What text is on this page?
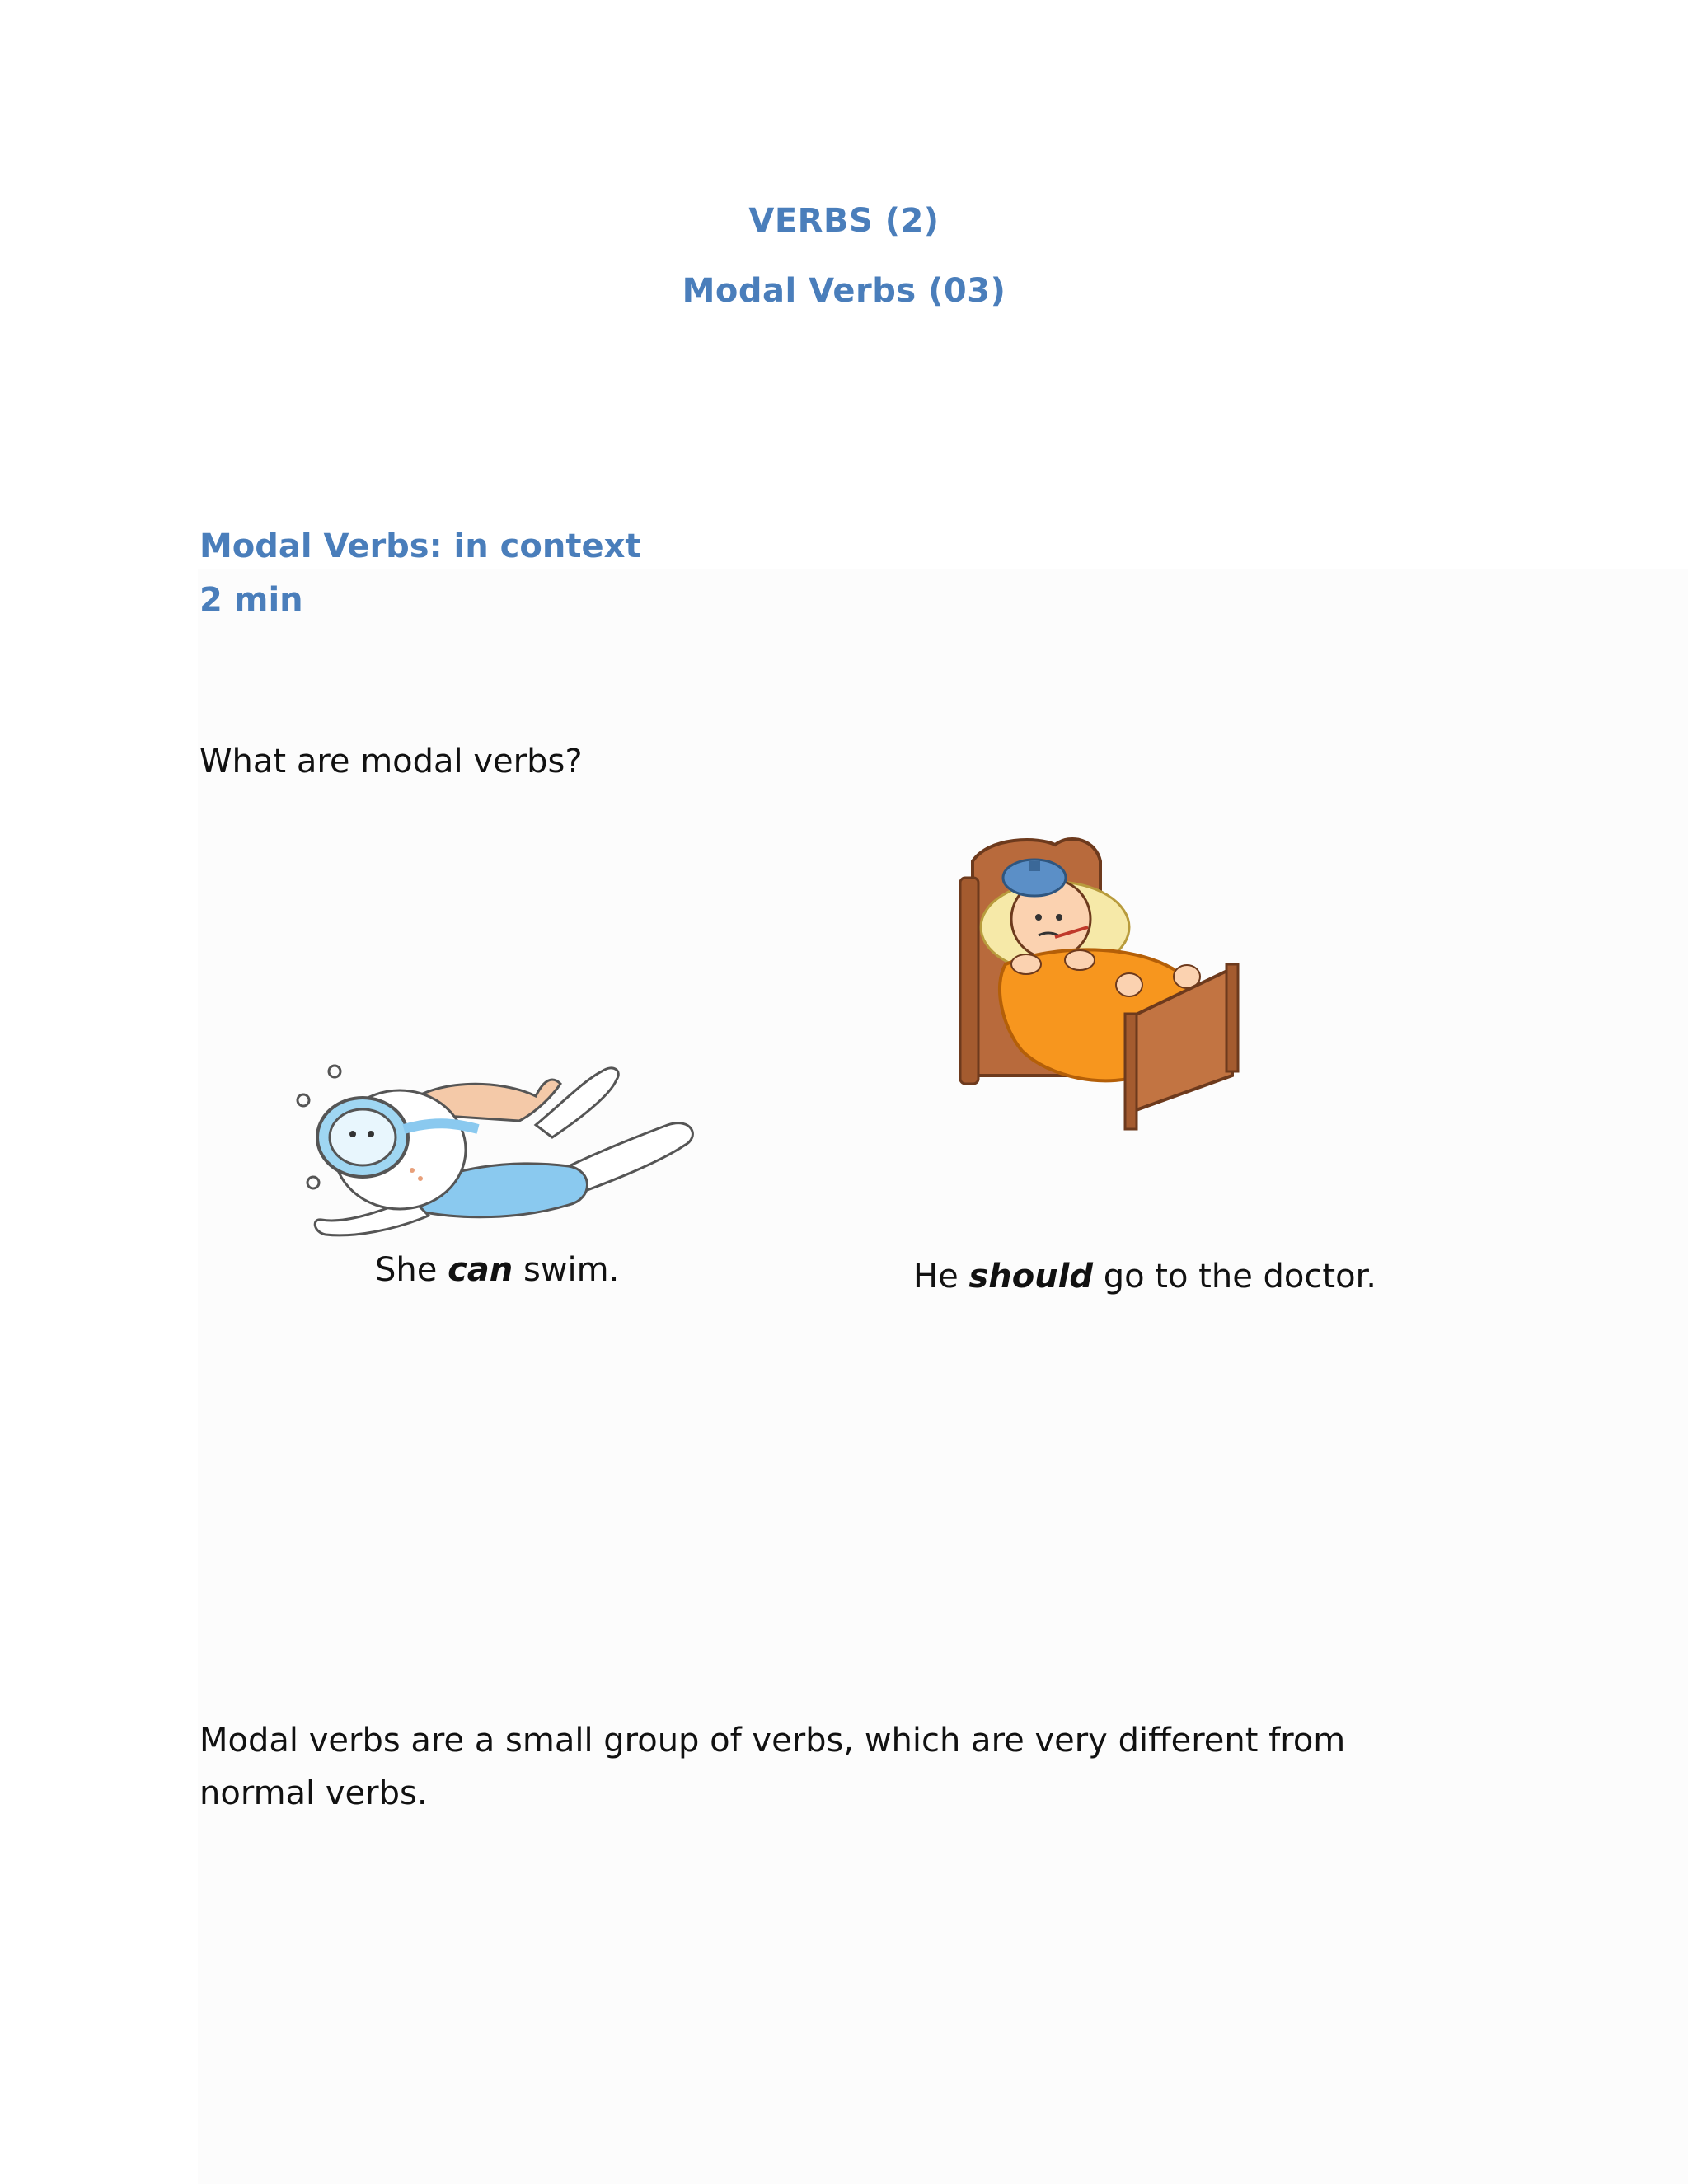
VERBS (2)
Modal Verbs (03)
Modal Verbs: in context
2 min
What are modal verbs?
She can swim.	He should go to the doctor.
Modal verbs are a small group of verbs, which are very different from normal verbs.
